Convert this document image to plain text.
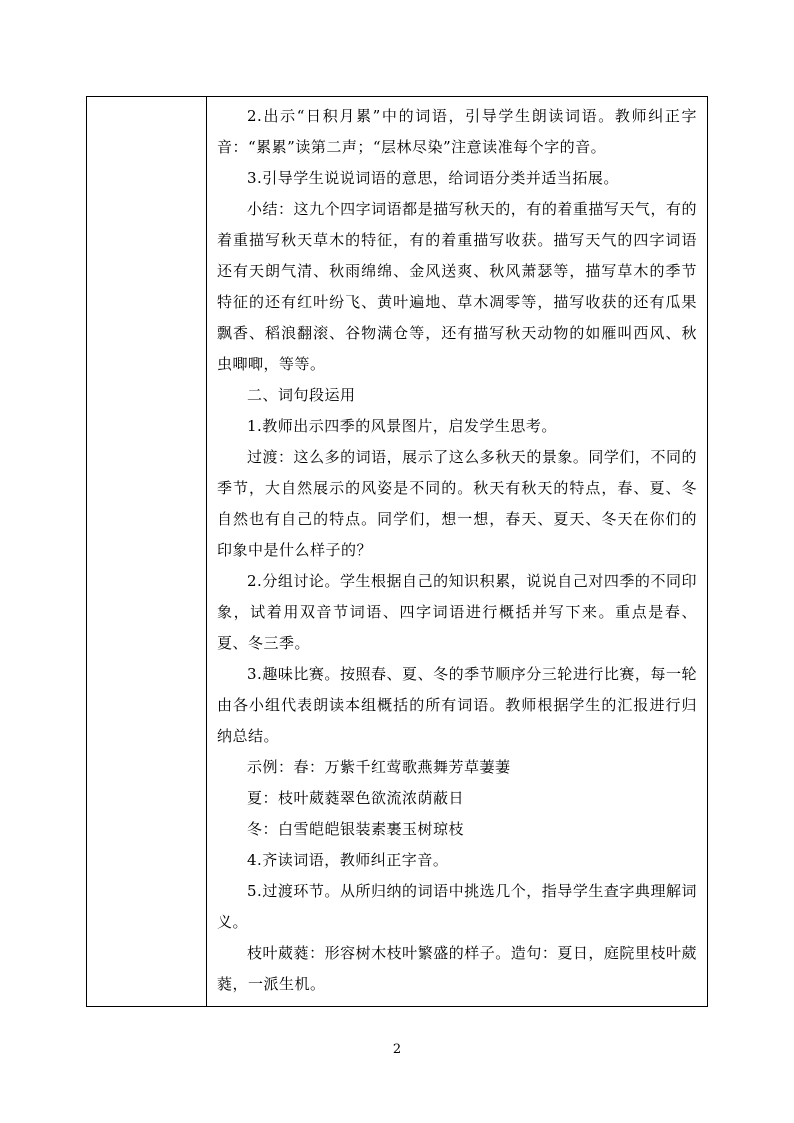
2.出示“日积月累”中的词语，引导学生朗读词语。教师纠正字音：“累累”读第二声；“层林尽染”注意读准每个字的音。

3.引导学生说说词语的意思，给词语分类并适当拓展。

小结：这九个四字词语都是描写秋天的，有的着重描写天气，有的着重描写秋天草木的特征，有的着重描写收获。描写天气的四字词语还有天朗气清、秋雨绵绵、金风送爽、秋风萧瑟等，描写草木的季节特征的还有红叶纷飞、黄叶遍地、草木凋零等，描写收获的还有瓜果飘香、稻浪翻滚、谷物满仓等，还有描写秋天动物的如雁叫西风、秋虫唧唧，等等。

二、词句段运用

1.教师出示四季的风景图片，启发学生思考。

过渡：这么多的词语，展示了这么多秋天的景象。同学们，不同的季节，大自然展示的风姿是不同的。秋天有秋天的特点，春、夏、冬自然也有自己的特点。同学们，想一想，春天、夏天、冬天在你们的印象中是什么样子的？

2.分组讨论。学生根据自己的知识积累，说说自己对四季的不同印象，试着用双音节词语、四字词语进行概括并写下来。重点是春、夏、冬三季。

3.趣味比赛。按照春、夏、冬的季节顺序分三轮进行比赛，每一轮由各小组代表朗读本组概括的所有词语。教师根据学生的汇报进行归纳总结。

示例：春：万紫千红莺歌燕舞芳草萋萋

夏：枝叶葳蕤翠色欲流浓荫蔽日

冬：白雪皑皑银装素裹玉树琼枝

4.齐读词语，教师纠正字音。

5.过渡环节。从所归纳的词语中挑选几个，指导学生查字典理解词义。

枝叶葳蕤：形容树木枝叶繁盛的样子。造句：夏日，庭院里枝叶葳蕤，一派生机。

2
